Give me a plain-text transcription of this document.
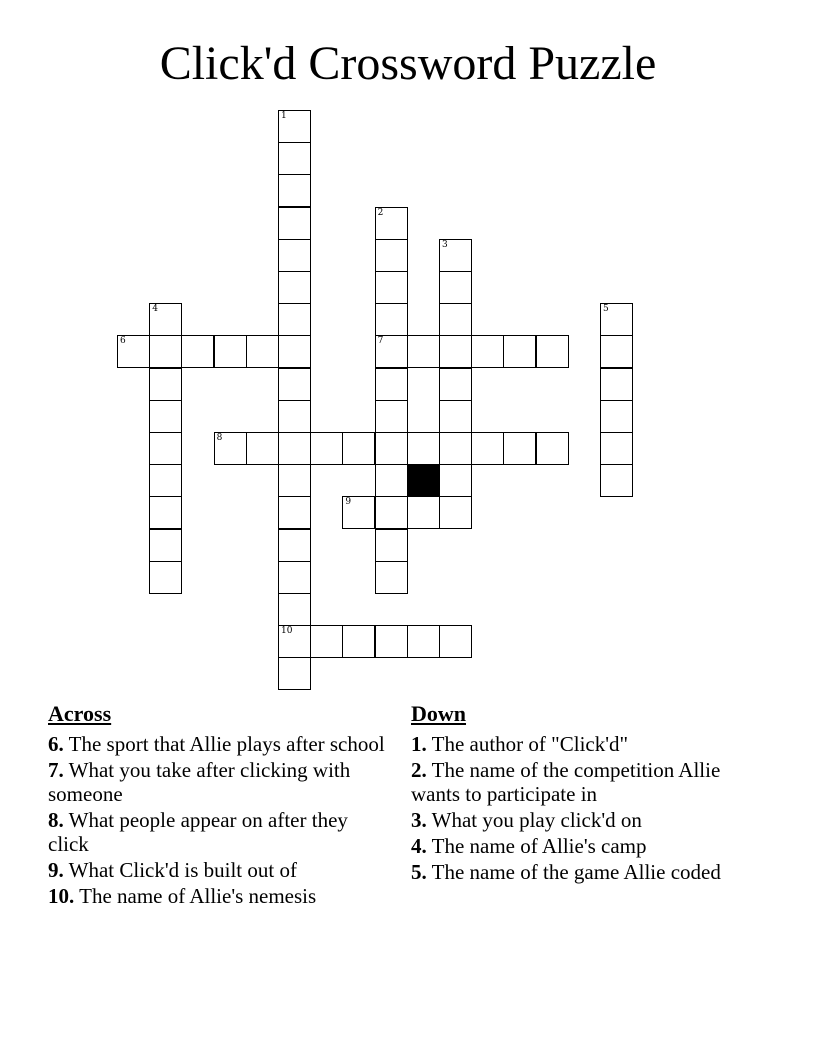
Click'd Crossword Puzzle
1
10
2
7
3
4	5
6
8
9
Across
6. The sport that Allie plays after school
7. What you take after clicking with someone
8. What people appear on after they click
9. What Click'd is built out of
10. The name of Allie's nemesis
Down
1. The author of "Click'd"
2. The name of the competition Allie wants to participate in
3. What you play click'd on
4. The name of Allie's camp
5. The name of the game Allie coded
